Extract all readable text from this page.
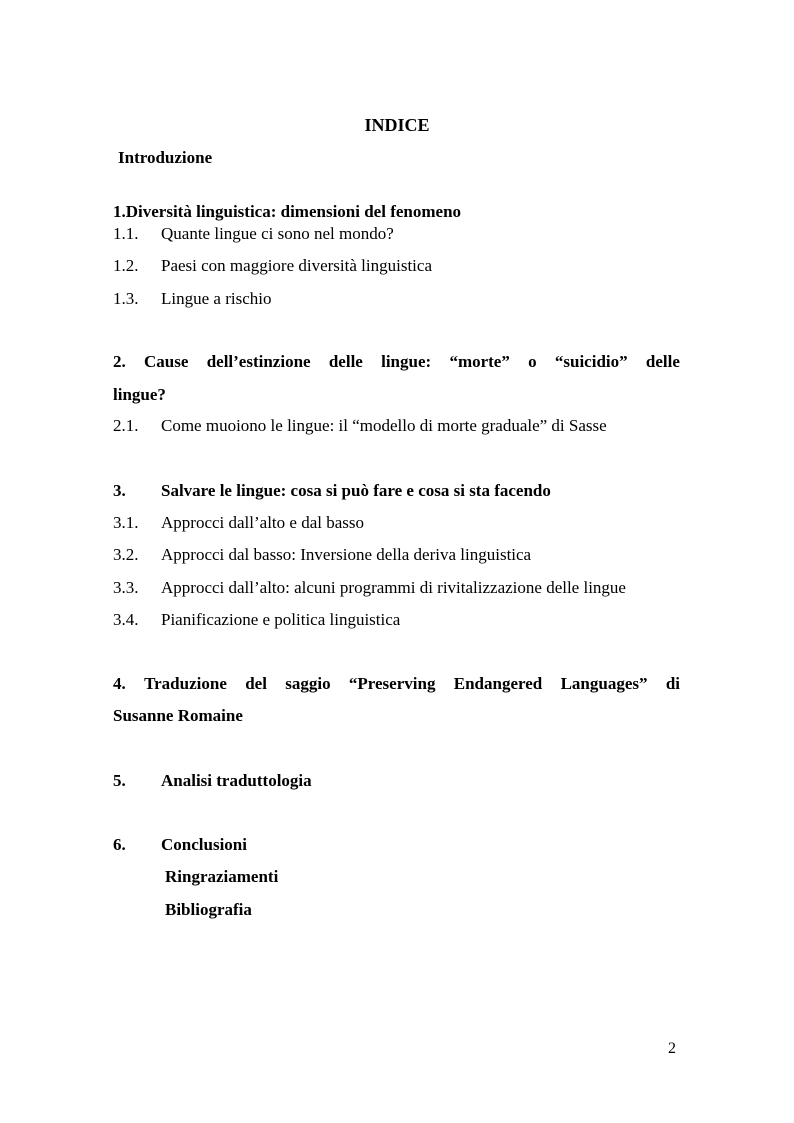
INDICE
Introduzione
1.Diversità linguistica: dimensioni del fenomeno
1.1. Quante lingue ci sono nel mondo?
1.2. Paesi con maggiore diversità linguistica
1.3. Lingue a rischio
2. Cause dell’estinzione delle lingue: “morte” o “suicidio” delle
lingue?
2.1. Come muoiono le lingue: il “modello di morte graduale” di Sasse
3. Salvare le lingue: cosa si può fare e cosa si sta facendo
3.1. Approcci dall’alto e dal basso
3.2. Approcci dal basso: Inversione della deriva linguistica
3.3. Approcci dall’alto: alcuni programmi di rivitalizzazione delle lingue
3.4. Pianificazione e politica linguistica
4. Traduzione del saggio “Preserving Endangered Languages” di
Susanne Romaine
5. Analisi traduttologia
6. Conclusioni
Ringraziamenti
Bibliografia
2
